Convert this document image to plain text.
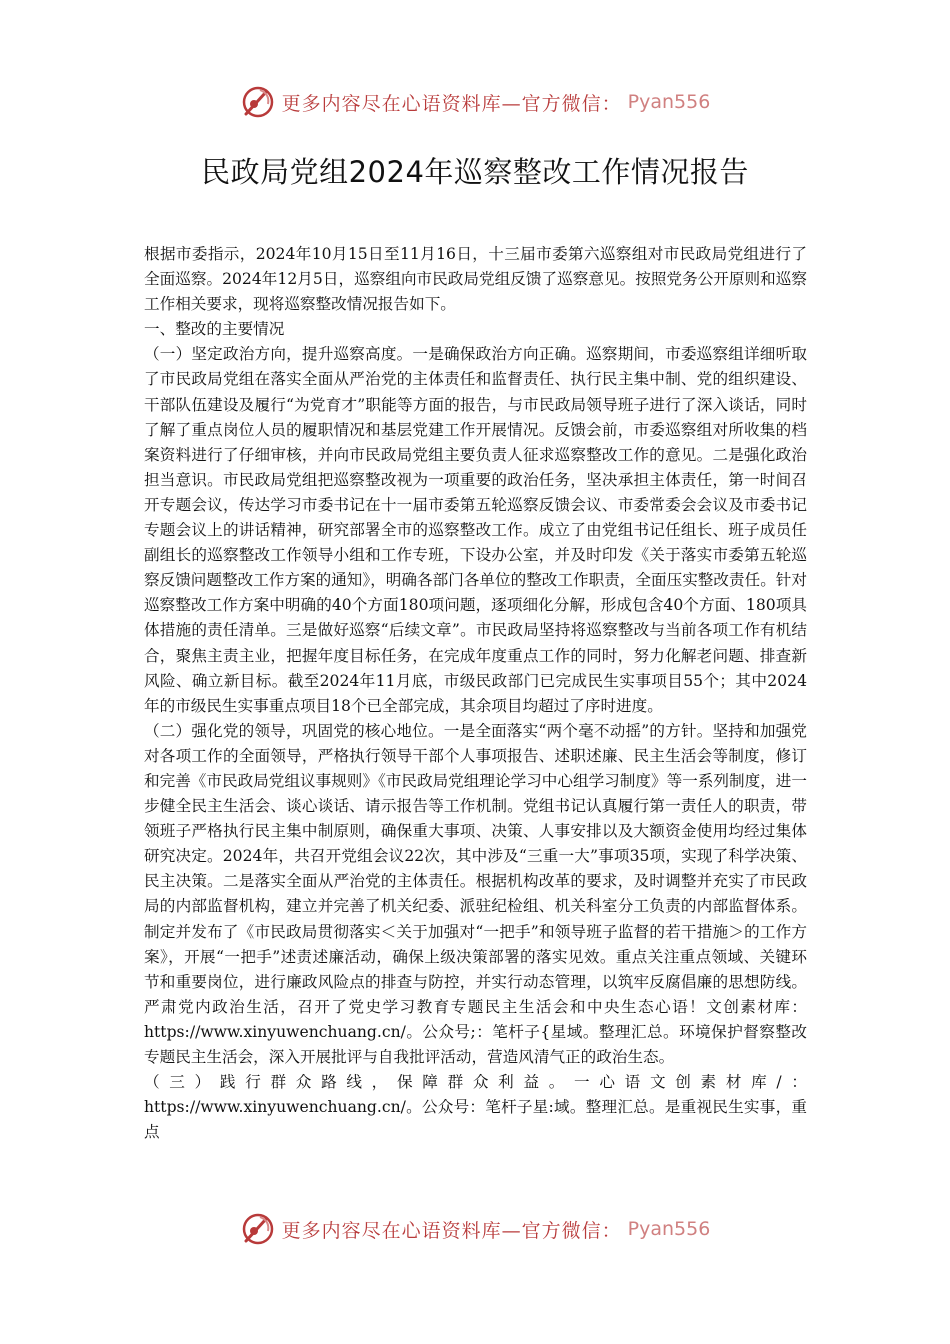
更多内容尽在心语资料库—官方微信： Pyan556
民政局党组2024年巡察整改工作情况报告

根据市委指示，2024年10月15日至11月16日，十三届市委第六巡察组对市民政局党组进行了全面巡察。2024年12月5日，巡察组向市民政局党组反馈了巡察意见。按照党务公开原则和巡察工作相关要求，现将巡察整改情况报告如下。

一、整改的主要情况

（一）坚定政治方向，提升巡察高度。一是确保政治方向正确。巡察期间，市委巡察组详细听取了市民政局党组在落实全面从严治党的主体责任和监督责任、执行民主集中制、党的组织建设、干部队伍建设及履行“为党育才”职能等方面的报告，与市民政局领导班子进行了深入谈话，同时了解了重点岗位人员的履职情况和基层党建工作开展情况。反馈会前，市委巡察组对所收集的档案资料进行了仔细审核，并向市民政局党组主要负责人征求巡察整改工作的意见。二是强化政治担当意识。市民政局党组把巡察整改视为一项重要的政治任务，坚决承担主体责任，第一时间召开专题会议，传达学习市委书记在十一届市委第五轮巡察反馈会议、市委常委会会议及市委书记专题会议上的讲话精神，研究部署全市的巡察整改工作。成立了由党组书记任组长、班子成员任副组长的巡察整改工作领导小组和工作专班，下设办公室，并及时印发《关于落实市委第五轮巡察反馈问题整改工作方案的通知》，明确各部门各单位的整改工作职责，全面压实整改责任。针对巡察整改工作方案中明确的40个方面180项问题，逐项细化分解，形成包含40个方面、180项具体措施的责任清单。三是做好巡察“后续文章”。市民政局坚持将巡察整改与当前各项工作有机结合，聚焦主责主业，把握年度目标任务，在完成年度重点工作的同时，努力化解老问题、排查新风险、确立新目标。截至2024年11月底，市级民政部门已完成民生实事项目55个；其中2024年的市级民生实事重点项目18个已全部完成，其余项目均超过了序时进度。

（二）强化党的领导，巩固党的核心地位。一是全面落实“两个毫不动摇”的方针。坚持和加强党对各项工作的全面领导，严格执行领导干部个人事项报告、述职述廉、民主生活会等制度，修订和完善《市民政局党组议事规则》《市民政局党组理论学习中心组学习制度》等一系列制度，进一步健全民主生活会、谈心谈话、请示报告等工作机制。党组书记认真履行第一责任人的职责，带领班子严格执行民主集中制原则，确保重大事项、决策、人事安排以及大额资金使用均经过集体研究决定。2024年，共召开党组会议22次，其中涉及“三重一大”事项35项，实现了科学决策、民主决策。二是落实全面从严治党的主体责任。根据机构改革的要求，及时调整并充实了市民政局的内部监督机构，建立并完善了机关纪委、派驻纪检组、机关科室分工负责的内部监督体系。制定并发布了《市民政局贯彻落实＜关于加强对“一把手”和领导班子监督的若干措施＞的工作方案》，开展“一把手”述责述廉活动，确保上级决策部署的落实见效。重点关注重点领域、关键环节和重要岗位，进行廉政风险点的排查与防控，并实行动态管理，以筑牢反腐倡廉的思想防线。严肃党内政治生活，召开了党史学习教育专题民主生活会和中央生态心语！文创素材库：https://www.xinyuwenchuang.cn/。公众号;：笔杆子{星域。整理汇总。环境保护督察整改专题民主生活会，深入开展批评与自我批评活动，营造风清气正的政治生态。

（三）践行群众路线，保障群众利益。一心语文创素材库/：https://www.xinyuwenchuang.cn/。公众号：笔杆子星:域。整理汇总。是重视民生实事，重点

更多内容尽在心语资料库—官方微信： Pyan556
